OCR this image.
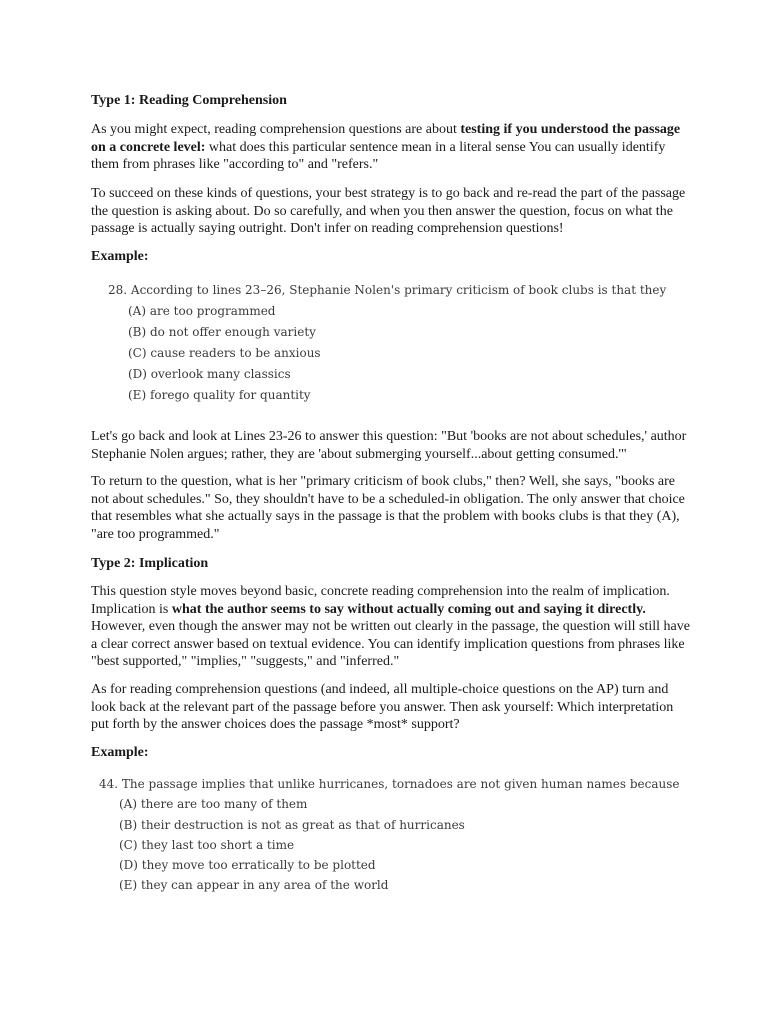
Type 1: Reading Comprehension
As you might expect, reading comprehension questions are about testing if you understood the passage on a concrete level: what does this particular sentence mean in a literal sense You can usually identify them from phrases like "according to" and "refers."
To succeed on these kinds of questions, your best strategy is to go back and re-read the part of the passage the question is asking about. Do so carefully, and when you then answer the question, focus on what the passage is actually saying outright. Don't infer on reading comprehension questions!
Example:
28. According to lines 23–26, Stephanie Nolen's primary criticism of book clubs is that they
(A) are too programmed
(B) do not offer enough variety
(C) cause readers to be anxious
(D) overlook many classics
(E) forego quality for quantity
Let's go back and look at Lines 23-26 to answer this question: "But 'books are not about schedules,' author Stephanie Nolen argues; rather, they are 'about submerging yourself...about getting consumed.'"
To return to the question, what is her "primary criticism of book clubs," then? Well, she says, "books are not about schedules." So, they shouldn't have to be a scheduled-in obligation. The only answer that choice that resembles what she actually says in the passage is that the problem with books clubs is that they (A), "are too programmed."
Type 2: Implication
This question style moves beyond basic, concrete reading comprehension into the realm of implication. Implication is what the author seems to say without actually coming out and saying it directly. However, even though the answer may not be written out clearly in the passage, the question will still have a clear correct answer based on textual evidence. You can identify implication questions from phrases like "best supported," "implies," "suggests," and "inferred."
As for reading comprehension questions (and indeed, all multiple-choice questions on the AP) turn and look back at the relevant part of the passage before you answer. Then ask yourself: Which interpretation put forth by the answer choices does the passage *most* support?
Example:
44. The passage implies that unlike hurricanes, tornadoes are not given human names because
(A) there are too many of them
(B) their destruction is not as great as that of hurricanes
(C) they last too short a time
(D) they move too erratically to be plotted
(E) they can appear in any area of the world
